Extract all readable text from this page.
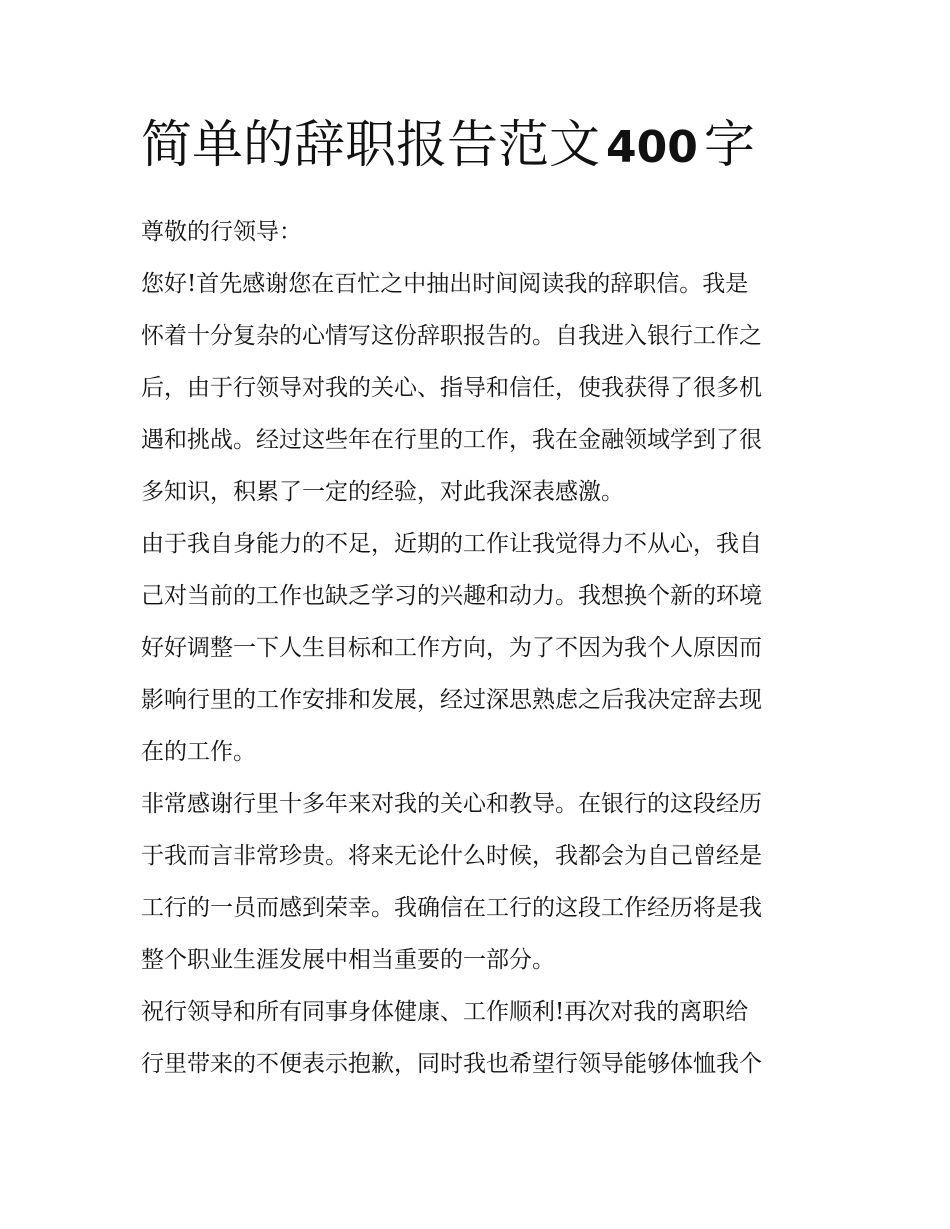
简单的辞职报告范文 400 字

尊敬的行领导：

您好!首先感谢您在百忙之中抽出时间阅读我的辞职信。我是
怀着十分复杂的心情写这份辞职报告的。自我进入银行工作之
后，由于行领导对我的关心、指导和信任，使我获得了很多机
遇和挑战。经过这些年在行里的工作，我在金融领域学到了很
多知识，积累了一定的经验，对此我深表感激。

由于我自身能力的不足，近期的工作让我觉得力不从心，我自
己对当前的工作也缺乏学习的兴趣和动力。我想换个新的环境
好好调整一下人生目标和工作方向，为了不因为我个人原因而
影响行里的工作安排和发展，经过深思熟虑之后我决定辞去现
在的工作。

非常感谢行里十多年来对我的关心和教导。在银行的这段经历
于我而言非常珍贵。将来无论什么时候，我都会为自己曾经是
工行的一员而感到荣幸。我确信在工行的这段工作经历将是我
整个职业生涯发展中相当重要的一部分。

祝行领导和所有同事身体健康、工作顺利!再次对我的离职给
行里带来的不便表示抱歉，同时我也希望行领导能够体恤我个
